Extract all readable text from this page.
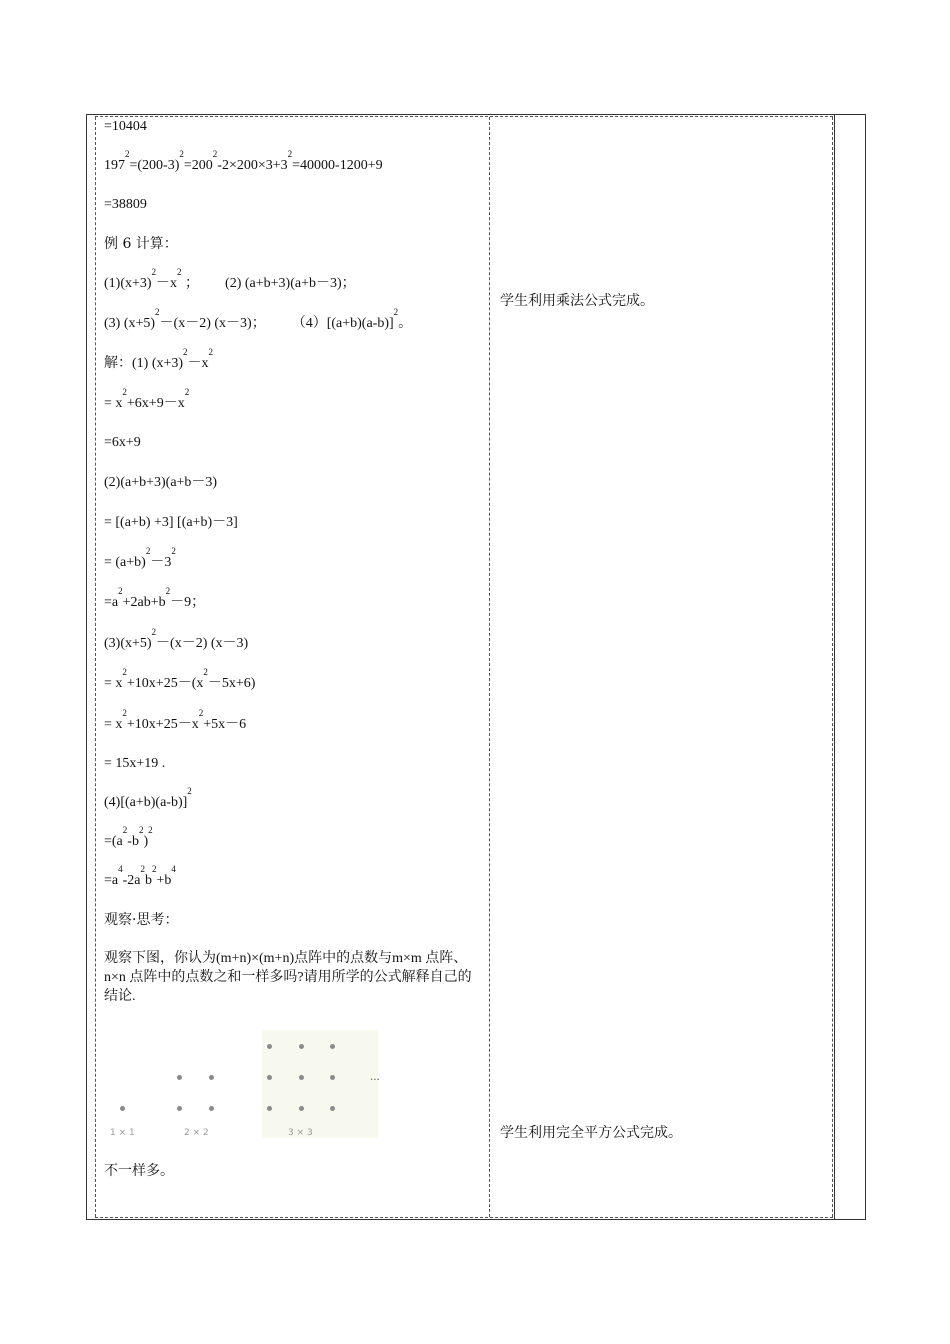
=10404
$197^2=(200-3)^2=200^2-2\times 200\times 3+3^2=40000-1200+9$
=38809
例 6 计算：
$(1)(x+3)^2-x^2$ ； (2) (a+b+3)(a+b－3)；
(3) $(x+5)^2-(x-2)$ (x－3)； $(4)[(a+b)(a-b)]^2$。
解：(1) $(x+3)^2-x^2$
= $x^2+6x+9-x^2$
=6x+9
(2)(a+b+3)(a+b－3)
= [(a+b) +3] [(a+b)－3]
= $(a+b)^2-3^2$
$=a^2+2ab+b^2-9$；
$(3)(x+5)^2-(x-2)$ (x－3)
= $x^2+10x+25-(x^2-5x+6)$
= $x^2+10x+25-x^2+5x-6$
= 15x+19 .
$(4)[(a+b)(a-b)]^2$
$=(a^2-b^2)^2$
$=a^4-2a^2b^2+b^4$
观察·思考：
观察下图，你认为(m+n)×(m+n)点阵中的点数与m×m 点阵、n×n 点阵中的点数之和一样多吗?请用所学的公式解释自己的结论.
不一样多。
...
1 × 1	2 × 2	3 × 3
学生利用乘法公式完成。
学生利用完全平方公式完成。
